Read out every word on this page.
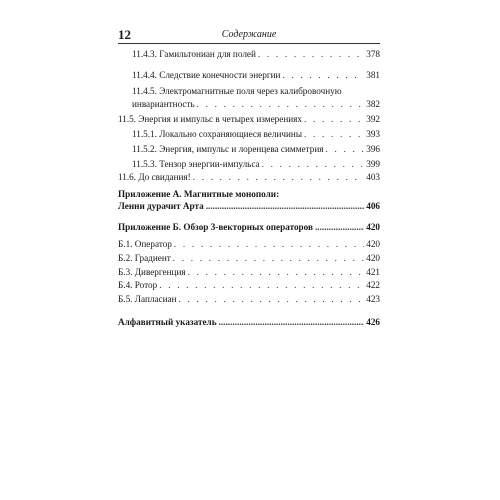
12	Содержание
11.4.3. Гамильтониан для полей . . .	378
11.4.4. Следствие конечности энергии . . .	381
11.4.5. Электромагнитные поля через калибровочную
инвариантность . . .	382
11.5. Энергия и импульс в четырех измерениях . . .	392
11.5.1. Локально сохраняющиеся величины . . .	393
11.5.2. Энергия, импульс и лоренцева симметрия . . .	396
11.5.3. Тензор энергии-импульса . . .	399
11.6. До свидания! . . .	403
Приложение А. Магнитные монополи:
Ленни дурачит Арта .....	406
Приложение Б. Обзор 3-векторных операторов .....	420
Б.1. Оператор . . .	420
Б.2. Градиент . . .	420
Б.3. Дивергенция . . .	421
Б.4. Ротор . . .	422
Б.5. Лапласиан . . .	423
Алфавитный указатель .....	426
